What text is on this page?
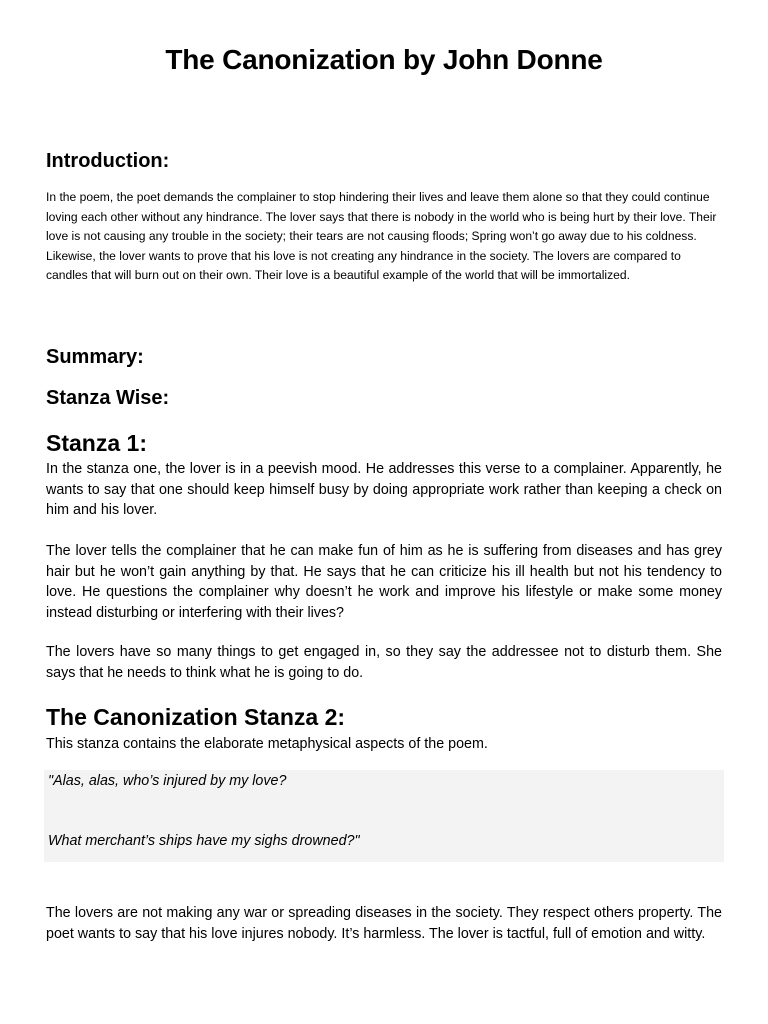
The Canonization by John Donne
Introduction:

In the poem, the poet demands the complainer to stop hindering their lives and leave them alone so that they could continue loving each other without any hindrance. The lover says that there is nobody in the world who is being hurt by their love. Their love is not causing any trouble in the society; their tears are not causing floods; Spring won’t go away due to his coldness. Likewise, the lover wants to prove that his love is not creating any hindrance in the society. The lovers are compared to candles that will burn out on their own. Their love is a beautiful example of the world that will be immortalized.

Summary:
Stanza Wise:
Stanza 1:

In the stanza one, the lover is in a peevish mood. He addresses this verse to a complainer. Apparently, he wants to say that one should keep himself busy by doing appropriate work rather than keeping a check on him and his lover.

The lover tells the complainer that he can make fun of him as he is suffering from diseases and has grey hair but he won’t gain anything by that. He says that he can criticize his ill health but not his tendency to love. He questions the complainer why doesn’t he work and improve his lifestyle or make some money instead disturbing or interfering with their lives?

The lovers have so many things to get engaged in, so they say the addressee not to disturb them. She says that he needs to think what he is going to do.

The Canonization Stanza 2:

This stanza contains the elaborate metaphysical aspects of the poem.

"Alas, alas, who’s injured by my love?

What merchant’s ships have my sighs drowned?"

The lovers are not making any war or spreading diseases in the society. They respect others property. The poet wants to say that his love injures nobody. It’s harmless. The lover is tactful, full of emotion and witty.
